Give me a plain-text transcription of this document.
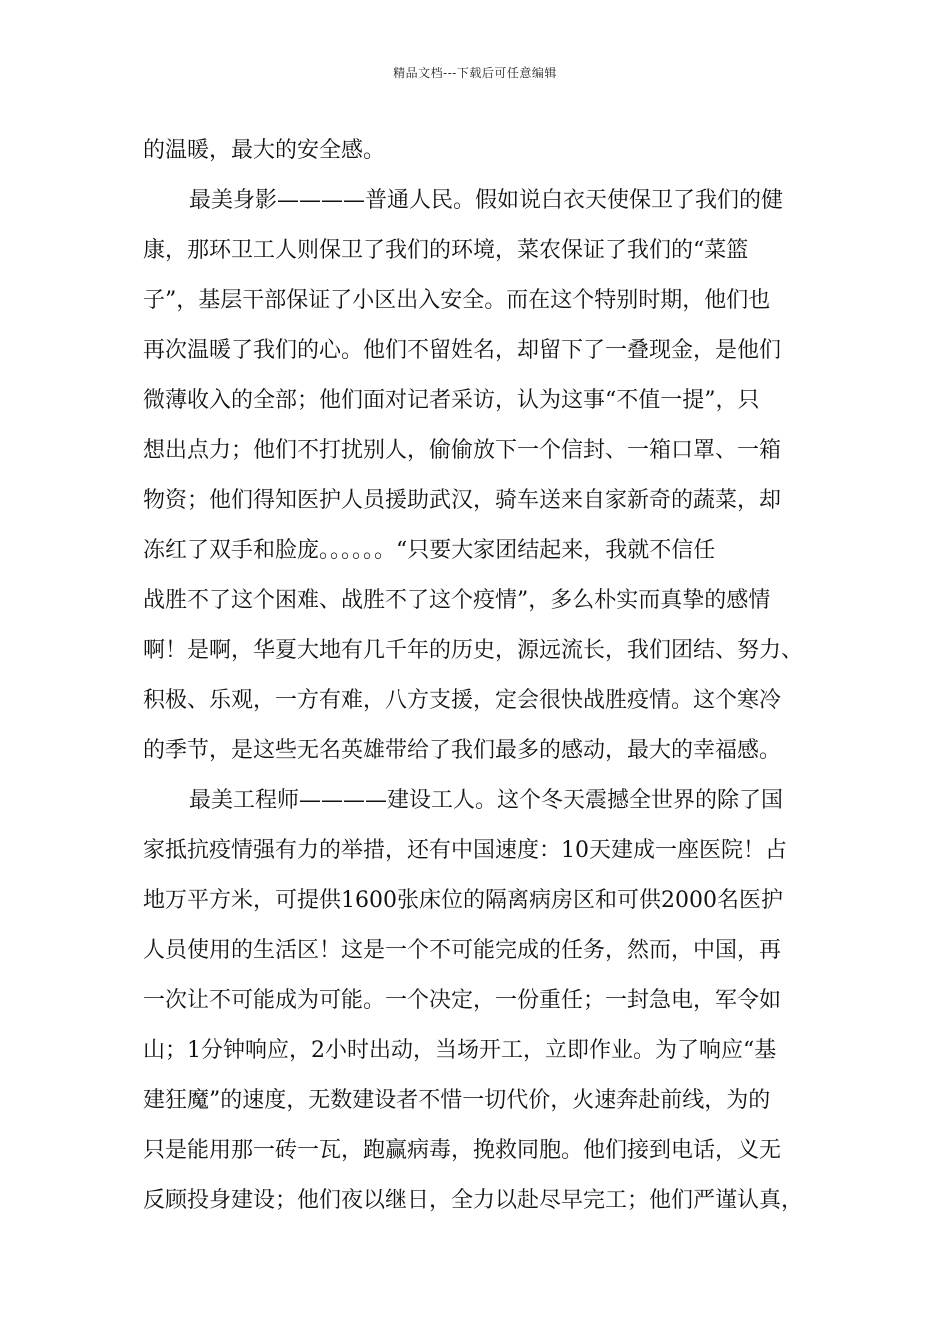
精品文档---下载后可任意编辑
的温暖，最大的安全感。
最美身影————普通人民。假如说白衣天使保卫了我们的健
康，那环卫工人则保卫了我们的环境，菜农保证了我们的“菜篮
子”，基层干部保证了小区出入安全。而在这个特别时期，他们也
再次温暖了我们的心。他们不留姓名，却留下了一叠现金，是他们
微薄收入的全部；他们面对记者采访，认为这事“不值一提”，只
想出点力；他们不打扰别人，偷偷放下一个信封、一箱口罩、一箱
物资；他们得知医护人员援助武汉，骑车送来自家新奇的蔬菜，却
冻红了双手和脸庞。。。。。。“只要大家团结起来，我就不信任
战胜不了这个困难、战胜不了这个疫情”，多么朴实而真挚的感情
啊！是啊，华夏大地有几千年的历史，源远流长，我们团结、努力、
积极、乐观，一方有难，八方支援，定会很快战胜疫情。这个寒冷
的季节，是这些无名英雄带给了我们最多的感动，最大的幸福感。
最美工程师————建设工人。这个冬天震撼全世界的除了国
家抵抗疫情强有力的举措，还有中国速度：10天建成一座医院！占
地万平方米，可提供1600张床位的隔离病房区和可供2000名医护
人员使用的生活区！这是一个不可能完成的任务，然而，中国，再
一次让不可能成为可能。一个决定，一份重任；一封急电，军令如
山；1分钟响应，2小时出动，当场开工，立即作业。为了响应“基
建狂魔”的速度，无数建设者不惜一切代价，火速奔赴前线，为的
只是能用那一砖一瓦，跑赢病毒，挽救同胞。他们接到电话，义无
反顾投身建设；他们夜以继日，全力以赴尽早完工；他们严谨认真，
